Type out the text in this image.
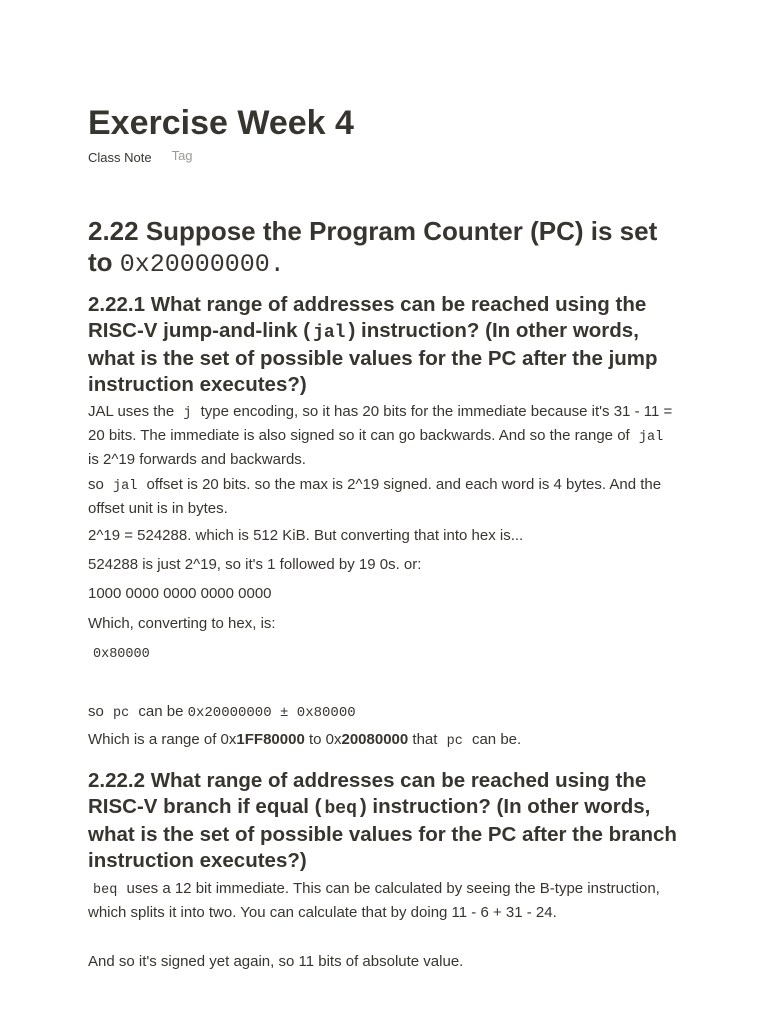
Exercise Week 4
Class Note Tag
2.22 Suppose the Program Counter (PC) is set to 0x20000000.
2.22.1 What range of addresses can be reached using the RISC-V jump-and-link ( jal ) instruction? (In other words, what is the set of possible values for the PC after the jump instruction executes?)

JAL uses the j type encoding, so it has 20 bits for the immediate because it's 31 - 11 = 20 bits. The immediate is also signed so it can go backwards. And so the range of jal is 2^19 forwards and backwards.

so jal offset is 20 bits. so the max is 2^19 signed. and each word is 4 bytes. And the offset unit is in bytes.

2^19 = 524288. which is 512 KiB. But converting that into hex is...

524288 is just 2^19, so it's 1 followed by 19 0s. or:

1000 0000 0000 0000 0000

Which, converting to hex, is:

0x80000

so pc can be 0x20000000 ± 0x80000

Which is a range of 0x1FF80000 to 0x20080000 that pc can be.

2.22.2 What range of addresses can be reached using the RISC-V branch if equal ( beq ) instruction? (In other words, what is the set of possible values for the PC after the branch instruction executes?)

beq uses a 12 bit immediate. This can be calculated by seeing the B-type instruction, which splits it into two. You can calculate that by doing 11 - 6 + 31 - 24.

And so it's signed yet again, so 11 bits of absolute value.
